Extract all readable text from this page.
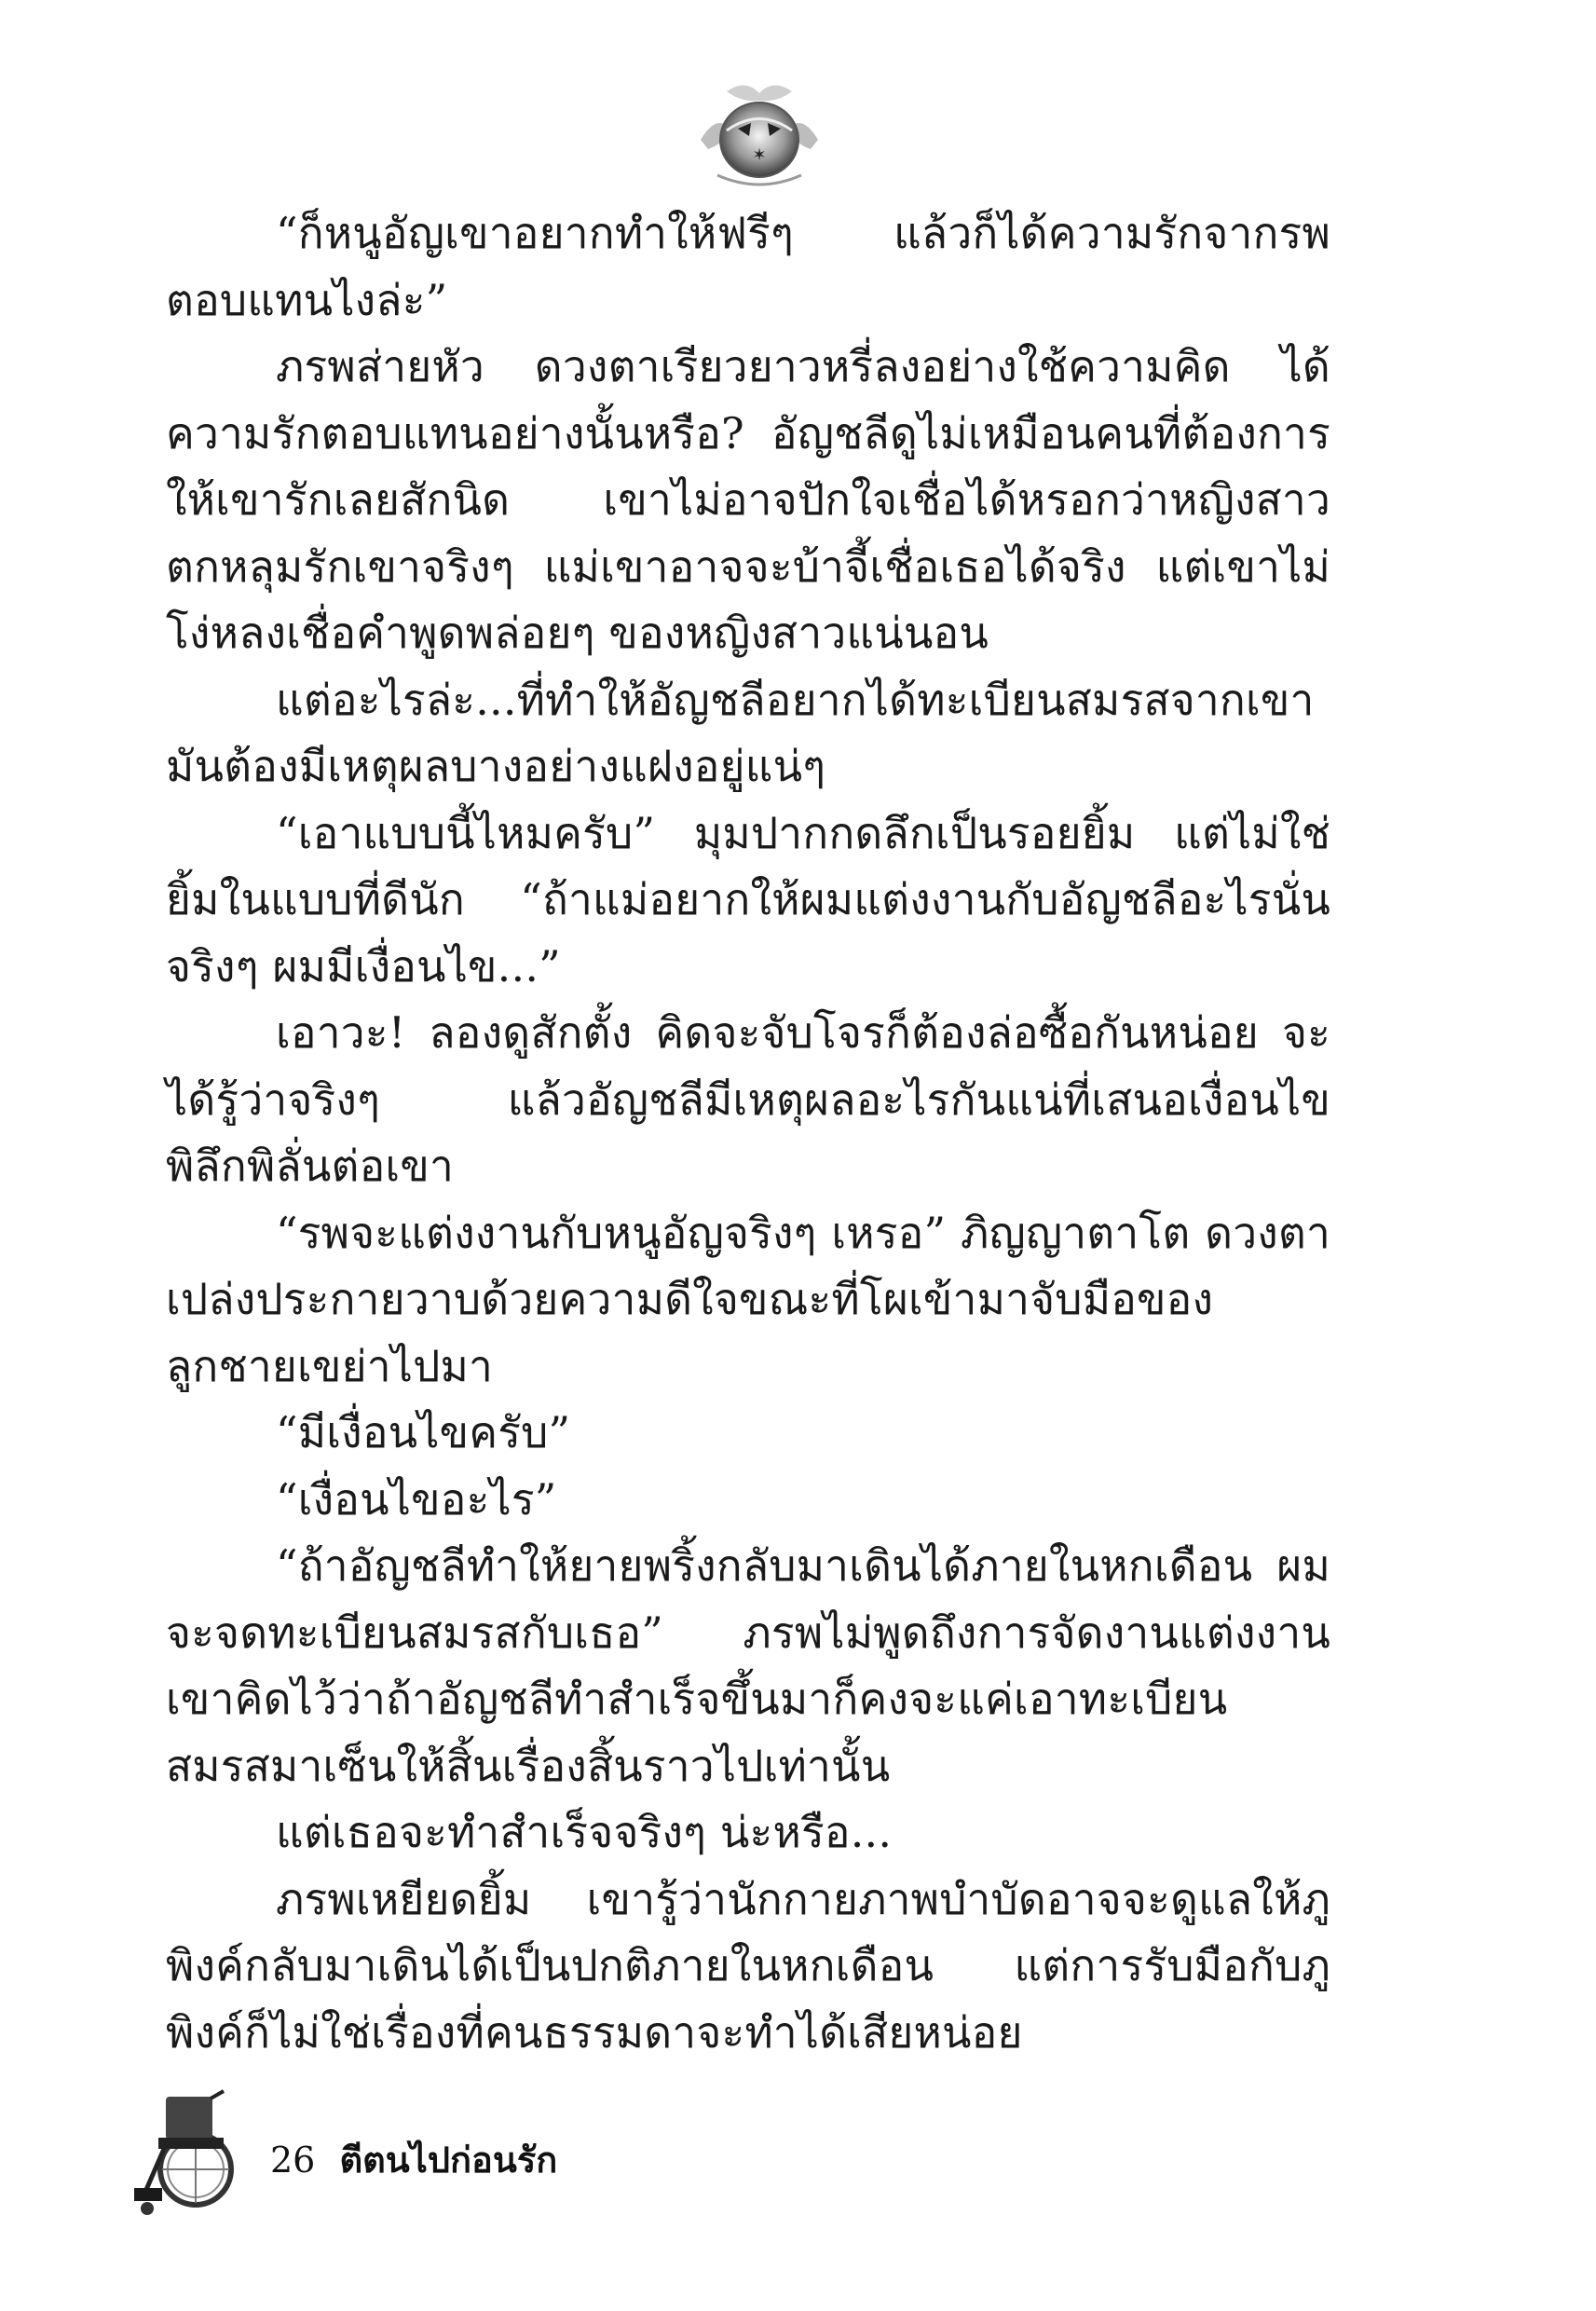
✶

“ก็หนูอัญเขาอยากทำให้ฟรีๆ แล้วก็ได้ความรักจากรพตอบแทนไงล่ะ”

ภรพส่ายหัว ดวงตาเรียวยาวหรี่ลงอย่างใช้ความคิด ได้ความรักตอบแทนอย่างนั้นหรือ? อัญชลีดูไม่เหมือนคนที่ต้องการให้เขารักเลยสักนิด เขาไม่อาจปักใจเชื่อได้หรอกว่าหญิงสาวตกหลุมรักเขาจริงๆ แม่เขาอาจจะบ้าจี้เชื่อเธอได้จริง แต่เขาไม่โง่หลงเชื่อคำพูดพล่อยๆ ของหญิงสาวแน่นอน

แต่อะไรล่ะ...ที่ทำให้อัญชลีอยากได้ทะเบียนสมรสจากเขา มันต้องมีเหตุผลบางอย่างแฝงอยู่แน่ๆ

“เอาแบบนี้ไหมครับ” มุมปากกดลึกเป็นรอยยิ้ม แต่ไม่ใช่ยิ้มในแบบที่ดีนัก “ถ้าแม่อยากให้ผมแต่งงานกับอัญชลีอะไรนั่นจริงๆ ผมมีเงื่อนไข...”

เอาวะ! ลองดูสักตั้ง คิดจะจับโจรก็ต้องล่อซื้อกันหน่อย จะได้รู้ว่าจริงๆ แล้วอัญชลีมีเหตุผลอะไรกันแน่ที่เสนอเงื่อนไขพิลึกพิลั่นต่อเขา

“รพจะแต่งงานกับหนูอัญจริงๆ เหรอ” ภิญญาตาโต ดวงตาเปล่งประกายวาบด้วยความดีใจขณะที่โผเข้ามาจับมือของลูกชายเขย่าไปมา

“มีเงื่อนไขครับ”

“เงื่อนไขอะไร”

“ถ้าอัญชลีทำให้ยายพริ้งกลับมาเดินได้ภายในหกเดือน ผมจะจดทะเบียนสมรสกับเธอ” ภรพไม่พูดถึงการจัดงานแต่งงาน เขาคิดไว้ว่าถ้าอัญชลีทำสำเร็จขึ้นมาก็คงจะแค่เอาทะเบียนสมรสมาเซ็นให้สิ้นเรื่องสิ้นราวไปเท่านั้น

แต่เธอจะทำสำเร็จจริงๆ น่ะหรือ...

ภรพเหยียดยิ้ม เขารู้ว่านักกายภาพบำบัดอาจจะดูแลให้ภูพิงค์กลับมาเดินได้เป็นปกติภายในหกเดือน แต่การรับมือกับภูพิงค์ก็ไม่ใช่เรื่องที่คนธรรมดาจะทำได้เสียหน่อย

26 ตีตนไปก่อนรัก
